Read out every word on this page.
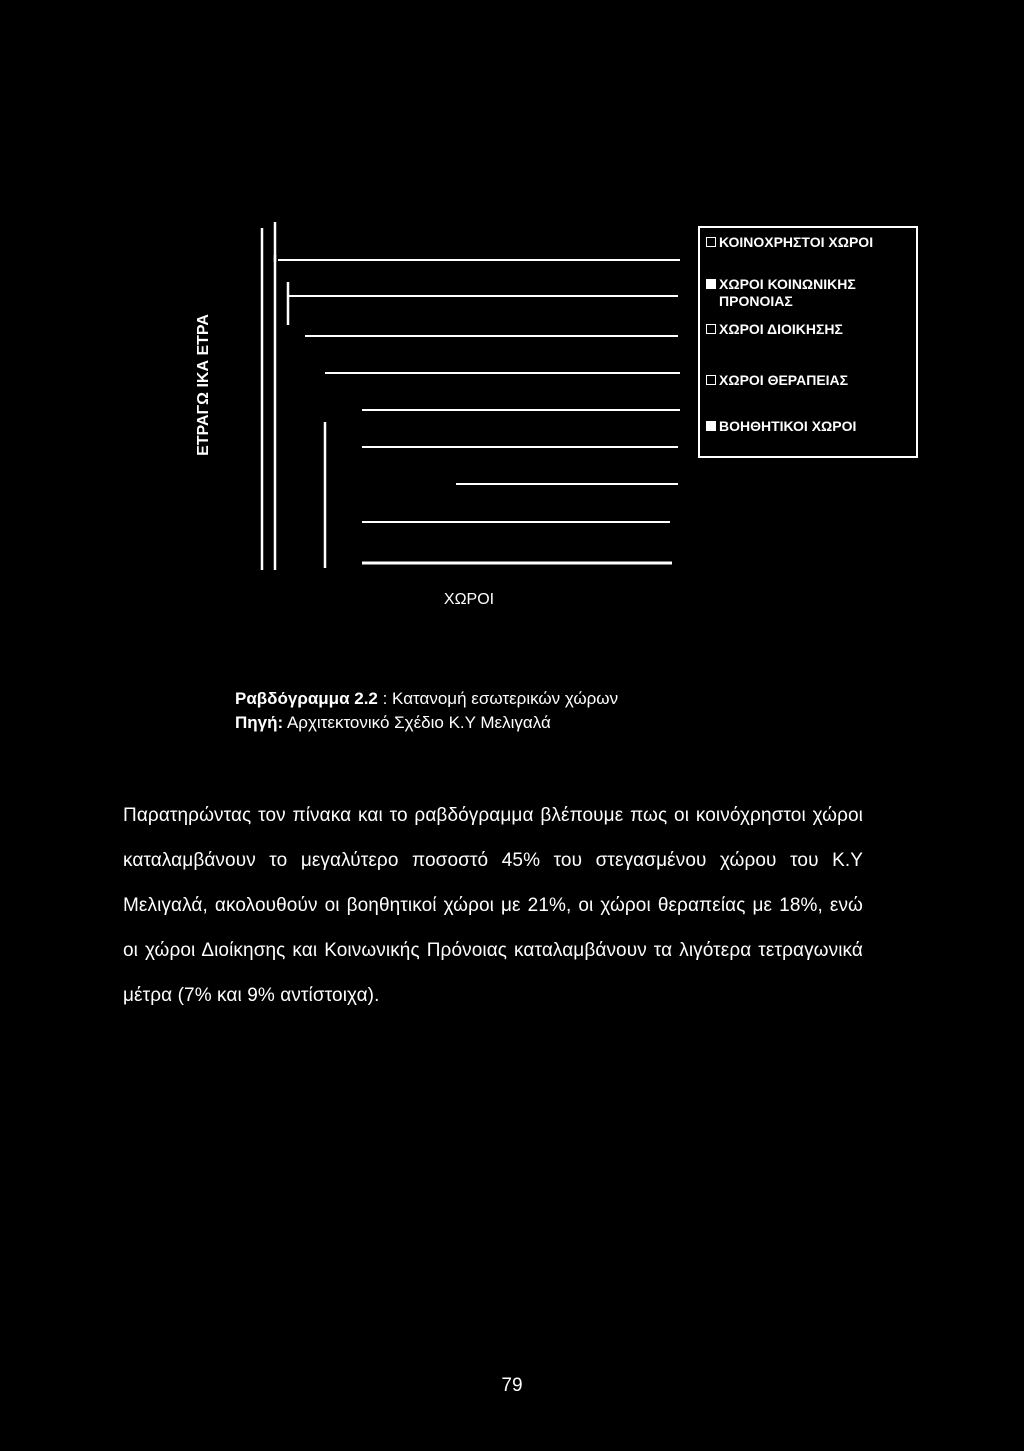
ΕΤΡΑΓΩ ΙΚΑ ΕΤΡΑ
ΧΩΡΟΙ
ΚΟΙΝΟΧΡΗΣΤΟΙ ΧΩΡΟΙ
ΧΩΡΟΙ ΚΟΙΝΩΝΙΚΗΣ
ΠΡΟΝΟΙΑΣ
ΧΩΡΟΙ ΔΙΟΙΚΗΣΗΣ
ΧΩΡΟΙ ΘΕΡΑΠΕΙΑΣ
ΒΟΗΘΗΤΙΚΟΙ ΧΩΡΟΙ
Ραβδόγραμμα 2.2 : Κατανομή εσωτερικών χώρων
Πηγή: Αρχιτεκτονικό Σχέδιο Κ.Υ Μελιγαλά

Παρατηρώντας τον πίνακα και το ραβδόγραμμα βλέπουμε πως οι κοινόχρηστοι χώροι καταλαμβάνουν το μεγαλύτερο ποσοστό 45% του στεγασμένου χώρου του Κ.Υ Μελιγαλά, ακολουθούν οι βοηθητικοί χώροι με 21%, οι χώροι θεραπείας με 18%, ενώ οι χώροι Διοίκησης και Κοινωνικής Πρόνοιας καταλαμβάνουν τα λιγότερα τετραγωνικά μέτρα (7% και 9% αντίστοιχα).

79
